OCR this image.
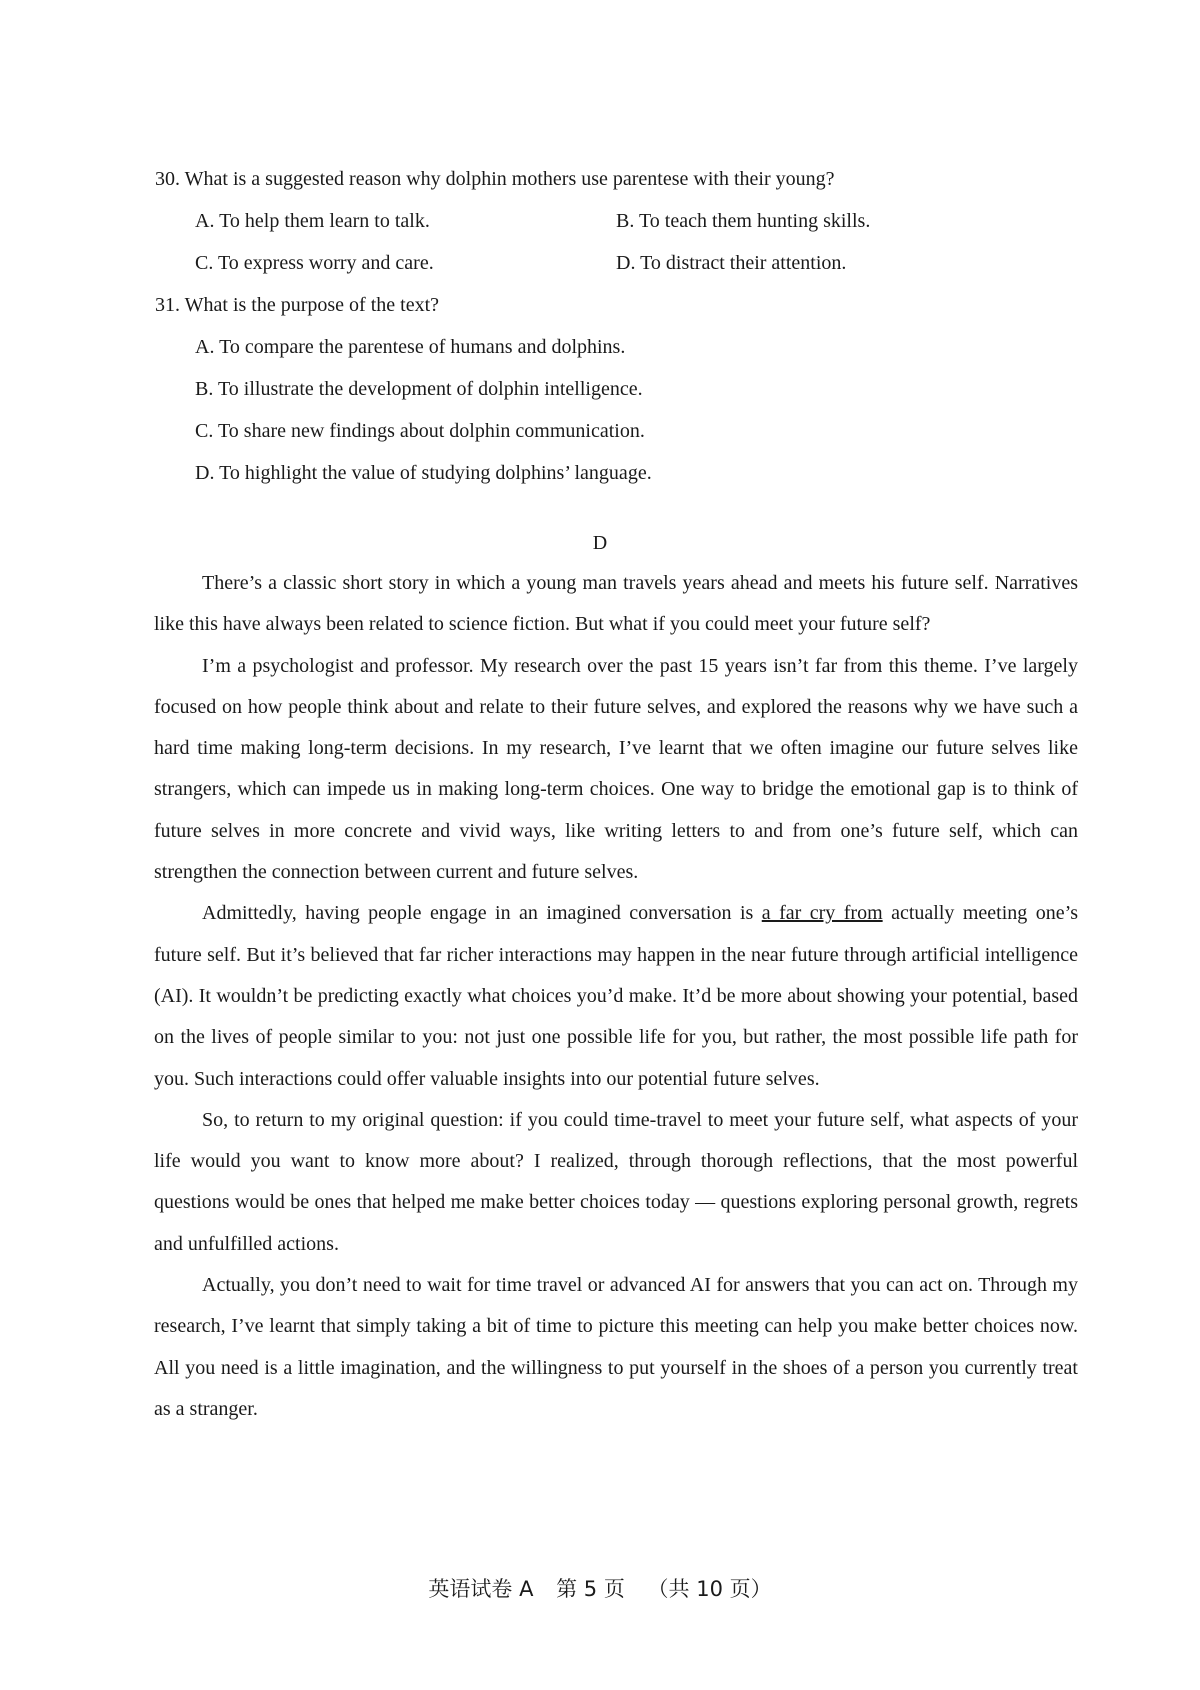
30. What is a suggested reason why dolphin mothers use parentese with their young?

A. To help them learn to talk.	B. To teach them hunting skills.
C. To express worry and care.	D. To distract their attention.

31. What is the purpose of the text?

A. To compare the parentese of humans and dolphins.
B. To illustrate the development of dolphin intelligence.
C. To share new findings about dolphin communication.
D. To highlight the value of studying dolphins’ language.
D

There’s a classic short story in which a young man travels years ahead and meets his future self. Narratives like this have always been related to science fiction. But what if you could meet your future self?

I’m a psychologist and professor. My research over the past 15 years isn’t far from this theme. I’ve largely focused on how people think about and relate to their future selves, and explored the reasons why we have such a hard time making long-term decisions. In my research, I’ve learnt that we often imagine our future selves like strangers, which can impede us in making long-term choices. One way to bridge the emotional gap is to think of future selves in more concrete and vivid ways, like writing letters to and from one’s future self, which can strengthen the connection between current and future selves.

Admittedly, having people engage in an imagined conversation is a far cry from actually meeting one’s future self. But it’s believed that far richer interactions may happen in the near future through artificial intelligence (AI). It wouldn’t be predicting exactly what choices you’d make. It’d be more about showing your potential, based on the lives of people similar to you: not just one possible life for you, but rather, the most possible life path for you. Such interactions could offer valuable insights into our potential future selves.

So, to return to my original question: if you could time-travel to meet your future self, what aspects of your life would you want to know more about? I realized, through thorough reflections, that the most powerful questions would be ones that helped me make better choices today — questions exploring personal growth, regrets and unfulfilled actions.

Actually, you don’t need to wait for time travel or advanced AI for answers that you can act on. Through my research, I’ve learnt that simply taking a bit of time to picture this meeting can help you make better choices now. All you need is a little imagination, and the willingness to put yourself in the shoes of a person you currently treat as a stranger.

英语试卷 A 第 5 页 （共 10 页）
